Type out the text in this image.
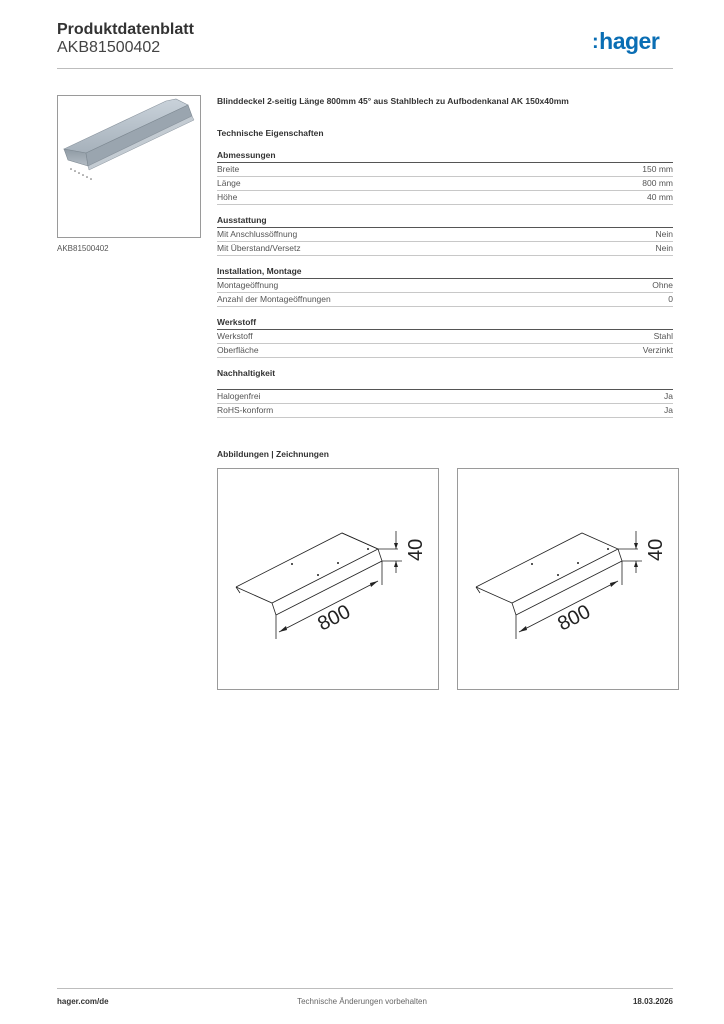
Produktdatenblatt
AKB81500402	:hager
AKB81500402
Blinddeckel 2-seitig Länge 800mm 45° aus Stahlblech zu Aufbodenkanal AK 150x40mm
Technische Eigenschaften
Abmessungen
Breite	150 mm
Länge	800 mm
Höhe	40 mm
Ausstattung
Mit Anschlussöffnung	Nein
Mit Überstand/Versetz	Nein
Installation, Montage
Montageöffnung	Ohne
Anzahl der Montageöffnungen	0
Werkstoff
Werkstoff	Stahl
Oberfläche	Verzinkt
Nachhaltigkeit
Halogenfrei	Ja
RoHS-konform	Ja
Abbildungen | Zeichnungen
800
40
800
40
hager.com/de	Technische Änderungen vorbehalten	18.03.2026
